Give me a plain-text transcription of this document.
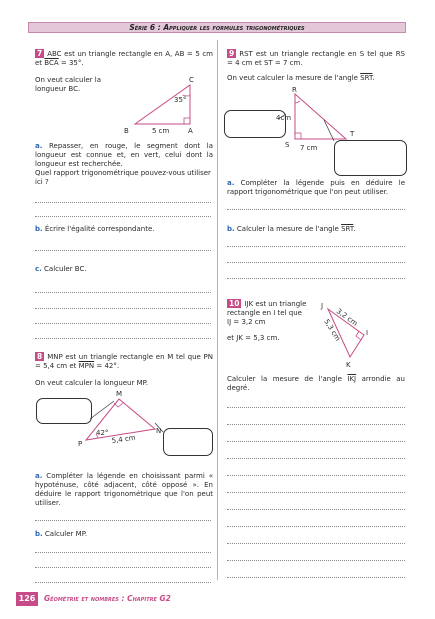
Série 6 : Appliquer les formules trigonométriques
7 ABC est un triangle rectangle en A, AB = 5 cm et $\overline{BCA} = 35^\circ$.
On veut calculer la longueur BC.
C
B	A
35°
5 cm
a. Repasser, en rouge, le segment dont la longueur est connue et, en vert, celui dont la longueur est recherchée.
Quel rapport trigonométrique pouvez-vous utiliser ici ?
b. Écrire l'égalité correspondante.
c. Calculer BC.
8 MNP est un triangle rectangle en M tel que PN = 5,4 cm et $\overline{MPN} = 42^\circ$.
On veut calculer la longueur MP.
M
N
P
42°
5,4 cm
a. Compléter la légende en choisissant parmi « hypoténuse, côté adjacent, côté opposé ». En déduire le rapport trigonométrique que l'on peut utiliser.
b. Calculer MP.
9 RST est un triangle rectangle en S tel que RS = 4 cm et ST = 7 cm.
On veut calculer la mesure de l'angle $\overline{SRT}$.
R
S
T
4cm
7 cm
a. Compléter la légende puis en déduire le rapport trigonométrique que l'on peut utiliser.
b. Calculer la mesure de l'angle $\overline{SRT}$.
10 IJK est un triangle
rectangle en I tel que
IJ = 3,2 cm
et JK = 5,3 cm.
J
I
K
3,2 cm
5,3 cm
Calculer la mesure de l'angle $\overline{IKJ}$ arrondie au degré.
126	Géométrie et nombres : Chapitre G2
